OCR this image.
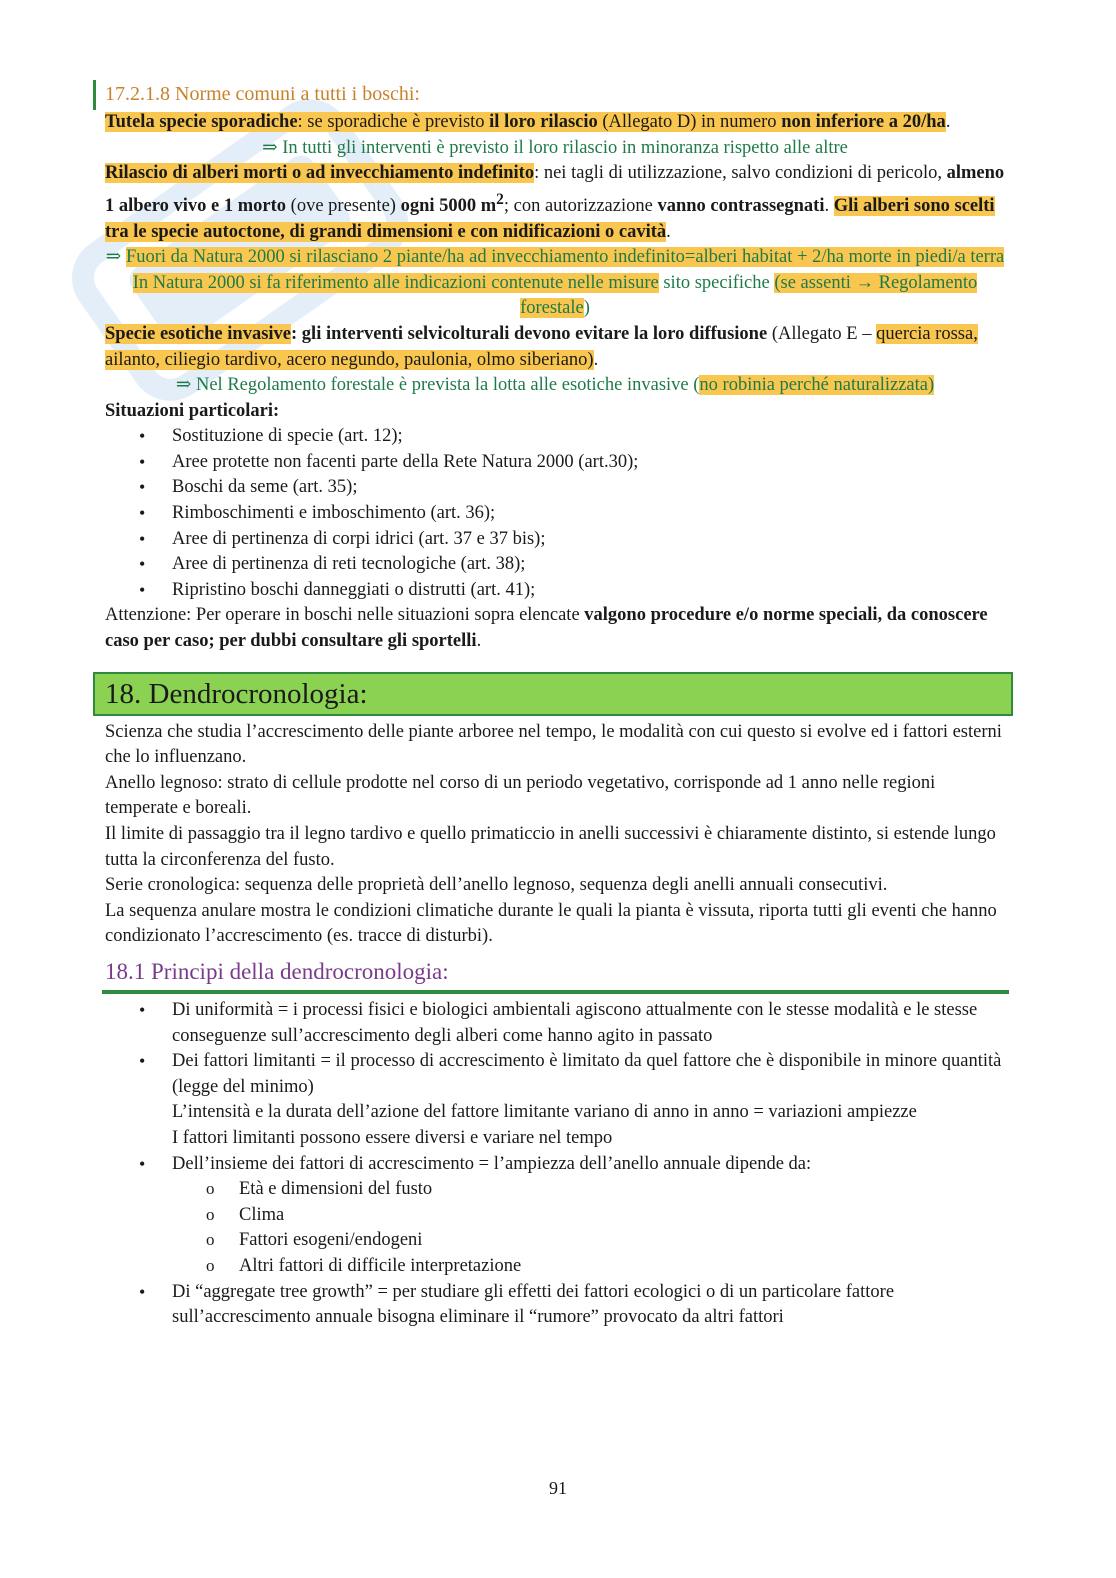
17.2.1.8 Norme comuni a tutti i boschi:

Tutela specie sporadiche: se sporadiche è previsto il loro rilascio (Allegato D) in numero non inferiore a 20/ha.

⇒ In tutti gli interventi è previsto il loro rilascio in minoranza rispetto alle altre

Rilascio di alberi morti o ad invecchiamento indefinito: nei tagli di utilizzazione, salvo condizioni di pericolo, almeno 1 albero vivo e 1 morto (ove presente) ogni 5000 $m^2$; con autorizzazione vanno contrassegnati. Gli alberi sono scelti tra le specie autoctone, di grandi dimensioni e con nidificazioni o cavità.

⇒ Fuori da Natura 2000 si rilasciano 2 piante/ha ad invecchiamento indefinito=alberi habitat + 2/ha morte in piedi/a terra

In Natura 2000 si fa riferimento alle indicazioni contenute nelle misure sito specifiche (se assenti → Regolamento forestale)

Specie esotiche invasive: gli interventi selvicolturali devono evitare la loro diffusione (Allegato E – quercia rossa, ailanto, ciliegio tardivo, acero negundo, paulonia, olmo siberiano).

⇒ Nel Regolamento forestale è prevista la lotta alle esotiche invasive (no robinia perché naturalizzata)

Situazioni particolari:

• Sostituzione di specie (art. 12);
• Aree protette non facenti parte della Rete Natura 2000 (art.30);
• Boschi da seme (art. 35);
• Rimboschimenti e imboschimento (art. 36);
• Aree di pertinenza di corpi idrici (art. 37 e 37 bis);
• Aree di pertinenza di reti tecnologiche (art. 38);
• Ripristino boschi danneggiati o distrutti (art. 41);

Attenzione: Per operare in boschi nelle situazioni sopra elencate valgono procedure e/o norme speciali, da conoscere caso per caso; per dubbi consultare gli sportelli.

18. Dendrocronologia:

Scienza che studia l’accrescimento delle piante arboree nel tempo, le modalità con cui questo si evolve ed i fattori esterni che lo influenzano.

Anello legnoso: strato di cellule prodotte nel corso di un periodo vegetativo, corrisponde ad 1 anno nelle regioni temperate e boreali.

Il limite di passaggio tra il legno tardivo e quello primaticcio in anelli successivi è chiaramente distinto, si estende lungo tutta la circonferenza del fusto.

Serie cronologica: sequenza delle proprietà dell’anello legnoso, sequenza degli anelli annuali consecutivi.

La sequenza anulare mostra le condizioni climatiche durante le quali la pianta è vissuta, riporta tutti gli eventi che hanno condizionato l’accrescimento (es. tracce di disturbi).

18.1 Principi della dendrocronologia:
• Di uniformità = i processi fisici e biologici ambientali agiscono attualmente con le stesse modalità e le stesse conseguenze sull’accrescimento degli alberi come hanno agito in passato
• Dei fattori limitanti = il processo di accrescimento è limitato da quel fattore che è disponibile in minore quantità (legge del minimo)
L’intensità e la durata dell’azione del fattore limitante variano di anno in anno = variazioni ampiezze
I fattori limitanti possono essere diversi e variare nel tempo
• Dell’insieme dei fattori di accrescimento = l’ampiezza dell’anello annuale dipende da:
o Età e dimensioni del fusto
o Clima
o Fattori esogeni/endogeni
o Altri fattori di difficile interpretazione
• Di “aggregate tree growth” = per studiare gli effetti dei fattori ecologici o di un particolare fattore sull’accrescimento annuale bisogna eliminare il “rumore” provocato da altri fattori
91
